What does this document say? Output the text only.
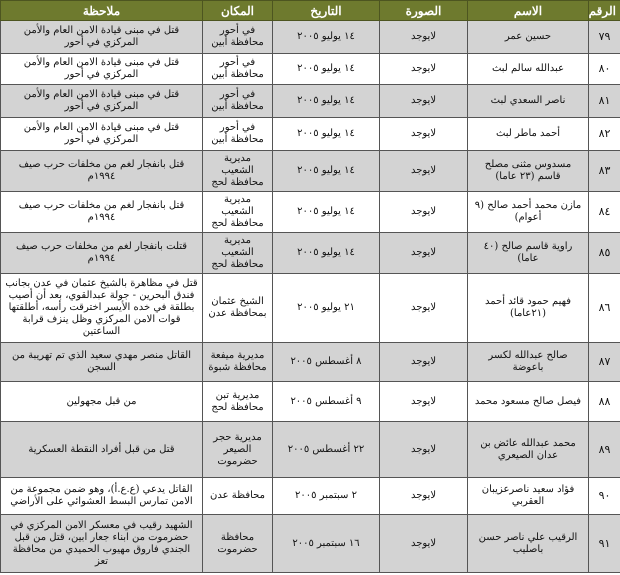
الرقم	الاسم	الصورة	التاريخ	المكان	ملاحظة
٧٩	حسين عمر	لايوجد	١٤ يوليو ٢٠٠٥	في أحور محافظة أبين	قتل في مبنى قيادة الامن العام والأمن المركزي في أحور
٨٠	عبدالله سالم لبث	لايوجد	١٤ يوليو ٢٠٠٥	في أحور محافظة أبين	قتل في مبنى قيادة الامن العام والأمن المركزي في أحور
٨١	ناصر السعدي لبث	لايوجد	١٤ يوليو ٢٠٠٥	في أحور محافظة أبين	قتل في مبنى قيادة الامن العام والأمن المركزي في أحور
٨٢	أحمد ماطر لبث	لايوجد	١٤ يوليو ٢٠٠٥	في أحور محافظة أبين	قتل في مبنى قيادة الامن العام والأمن المركزي في أحور
٨٣	مسدوس مثنى مصلح قاسم (٢٣ عاما)	لايوجد	١٤ يوليو ٢٠٠٥	مديرية الشعيب محافظة لحج	قتل بانفجار لغم من مخلفات حرب صيف ١٩٩٤م
٨٤	مازن محمد أحمد صالح (٩ أعوام)	لايوجد	١٤ يوليو ٢٠٠٥	مديرية الشعيب محافظة لحج	قتل بانفجار لغم من مخلفات حرب صيف ١٩٩٤م
٨٥	راوية قاسم صالح (٤٠ عاما)	لايوجد	١٤ يوليو ٢٠٠٥	مديرية الشعيب محافظة لحج	قتلت بانفجار لغم من مخلفات حرب صيف ١٩٩٤م
٨٦	فهيم حمود قائد أحمد (٢١عاما)	لايوجد	٢١ يوليو ٢٠٠٥	الشيخ عثمان بمحافظة عدن	قتل في مظاهرة بالشيخ عثمان في عدن بجانب فندق البحرين - جولة عبدالقوي، بعد أن أصيب بطلقة في خده الأيسر اخترقت رأسه، أطلقتها قوات الامن المركزي وظل ينزف قرابة الساعتين
٨٧	صالح عبدالله لكسر باعوضة	لايوجد	٨ أغسطس ٢٠٠٥	مديرية ميفعة محافظة شبوة	القاتل منصر مهدي سعيد الذي تم تهريبة من السجن
٨٨	فيصل صالح مسعود محمد	لايوجد	٩ أغسطس ٢٠٠٥	مديرية تبن محافظة لحج	من قبل مجهولين
٨٩	محمد عبدالله عائض بن عدان الصيعري	لايوجد	٢٢ أغسطس ٢٠٠٥	مديرية حجر الصيعر حضرموت	قتل من قبل أفراد النقطة العسكرية
٩٠	فؤاد سعيد ناصرعزيبان العقربي	لايوجد	٢ سبتمبر ٢٠٠٥	محافظة عدن	القاتل يدعي (ع.ع.أ)، وهو ضمن مجموعة من الامن تمارس البسط العشوائي على الأراضي
٩١	الرقيب علي ناصر حسن باصليب	لايوجد	١٦ سبتمبر ٢٠٠٥	محافظة حضرموت	الشهيد رقيب في معسكر الامن المركزي في حضرموت من ابناء جعار ابين، قتل من قبل الجندي فاروق مهيوب الحميدي من محافظة تعز
